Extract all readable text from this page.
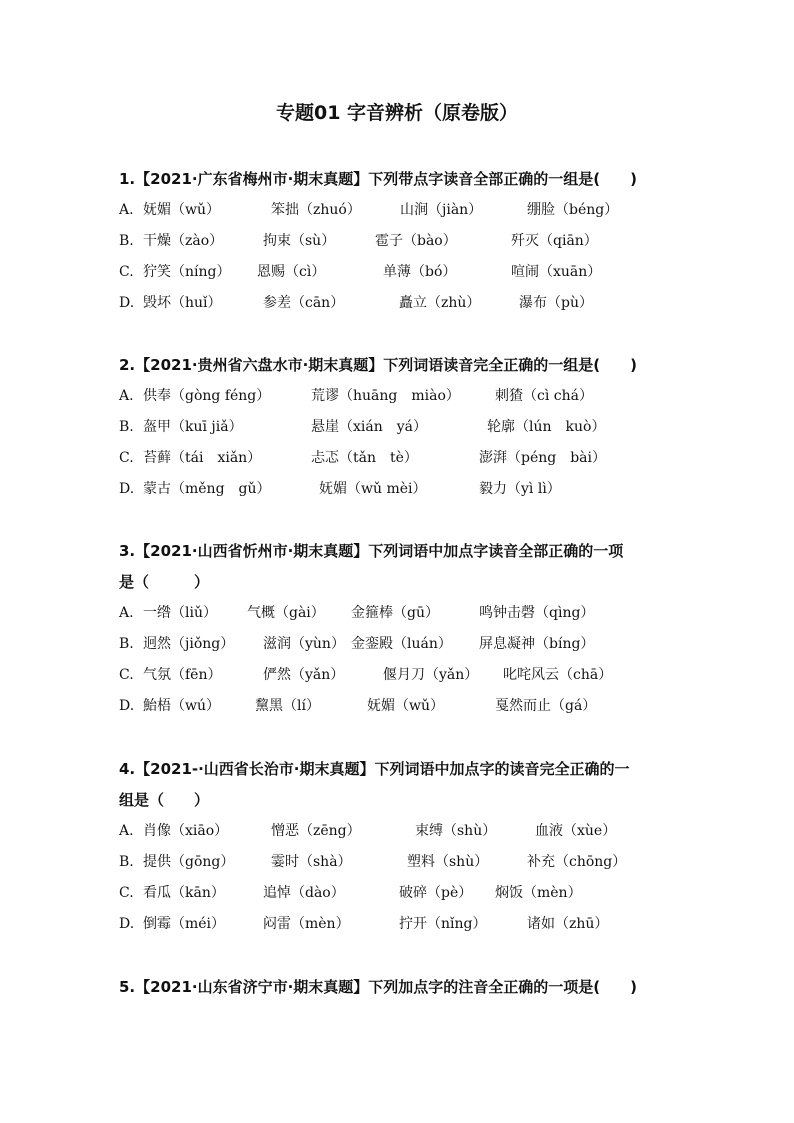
专题01 字音辨析（原卷版）
1.【2021·广东省梅州市·期末真题】下列带点字读音全部正确的一组是(　　)
A. 妩媚（wǔ）	笨拙（zhuó）	山涧（jiàn）	绷脸（béng）
B. 干燥（zào）	拘束（sù）	雹子（bào）	歼灭（qiān）
C. 狞笑（níng） 恩赐（cì）	单薄（bó）	喧闹（xuān）
D. 毁坏（huǐ）	参差（cān）	矗立（zhù）	瀑布（pù）
2.【2021·贵州省六盘水市·期末真题】下列词语读音完全正确的一组是(　　)
A. 供奉（gòng féng）	荒谬（huāng　miào）	刺猹（cì chá）
B. 盔甲（kuī jiǎ）	悬崖（xián　yá）	轮廓（lún　kuò）
C. 苔藓（tái　xiǎn）	忐忑（tǎn　tè）	澎湃（péng　bài）
D. 蒙古（měng　gǔ）	妩媚（wǔ mèi）	毅力（yì lì）
3.【2021·山西省忻州市·期末真题】下列词语中加点字读音全部正确的一项
是（　　　）
A. 一绺（liǔ） 气概（gài） 金箍棒（gū）	鸣钟击磬（qìng）
B. 迥然（jiǒng） 滋润（yùn） 金銮殿（luán） 屏息凝神（bíng）
C. 气氛（fēn）	俨然（yǎn）	偃月刀（yǎn） 叱咤风云（chā）
D. 鮐梧（wú）	黧黑（lí）	妩媚（wǔ）	戛然而止（gá）
4.【2021-·山西省长治市·期末真题】下列词语中加点字的读音完全正确的一
组是（　　）
A. 肖像（xiāo）	憎恶（zēng）	束缚（shù）	血液（xùe）
B. 提供（gōng）	霎时（shà）	塑料（shù）	补充（chōng）
C. 看瓜（kān）	追悼（dào）	破碎（pè） 焖饭（mèn）
D. 倒霉（méi）	闷雷（mèn）	拧开（nǐng）	诸如（zhū）
5.【2021·山东省济宁市·期末真题】下列加点字的注音全正确的一项是(　　)
